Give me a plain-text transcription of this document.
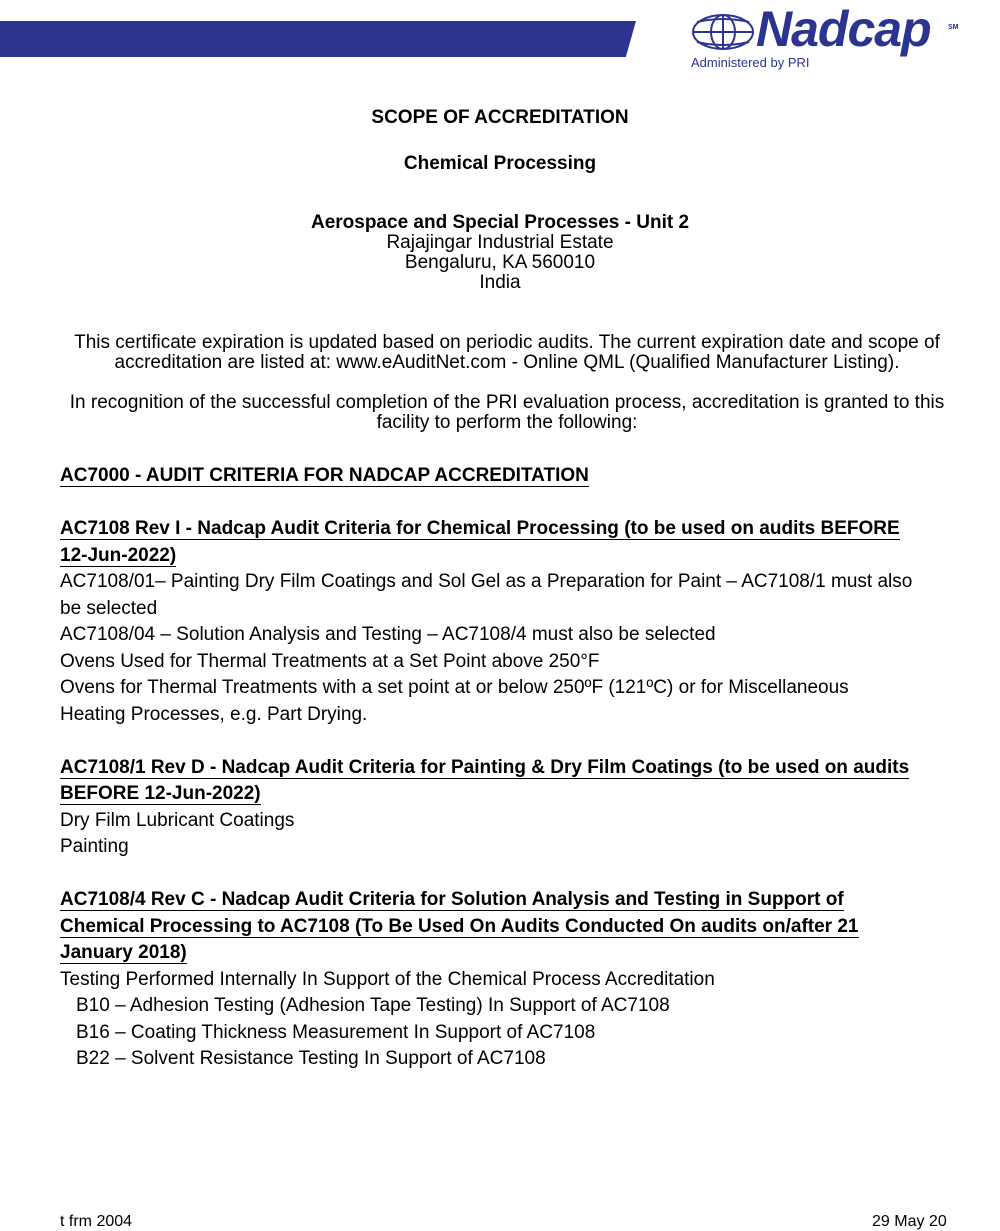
Nadcap SM
Administered by PRI
SCOPE OF ACCREDITATION
Chemical Processing
Aerospace and Special Processes - Unit 2
Rajajingar Industrial Estate
Bengaluru, KA 560010
India
This certificate expiration is updated based on periodic audits. The current expiration date and scope of accreditation are listed at: www.eAuditNet.com - Online QML (Qualified Manufacturer Listing).
In recognition of the successful completion of the PRI evaluation process, accreditation is granted to this facility to perform the following:
AC7000 - AUDIT CRITERIA FOR NADCAP ACCREDITATION
AC7108 Rev I - Nadcap Audit Criteria for Chemical Processing (to be used on audits BEFORE
12-Jun-2022)
AC7108/01– Painting Dry Film Coatings and Sol Gel as a Preparation for Paint – AC7108/1 must also
be selected
AC7108/04 – Solution Analysis and Testing – AC7108/4 must also be selected
Ovens Used for Thermal Treatments at a Set Point above 250°F
Ovens for Thermal Treatments with a set point at or below 250ºF (121ºC) or for Miscellaneous
Heating Processes, e.g. Part Drying.
AC7108/1 Rev D - Nadcap Audit Criteria for Painting & Dry Film Coatings (to be used on audits
BEFORE 12-Jun-2022)
Dry Film Lubricant Coatings
Painting
AC7108/4 Rev C - Nadcap Audit Criteria for Solution Analysis and Testing in Support of
Chemical Processing to AC7108 (To Be Used On Audits Conducted On audits on/after 21
January 2018)
Testing Performed Internally In Support of the Chemical Process Accreditation
B10 – Adhesion Testing (Adhesion Tape Testing) In Support of AC7108
B16 – Coating Thickness Measurement In Support of AC7108
B22 – Solvent Resistance Testing In Support of AC7108
t frm 2004	29 May 20
